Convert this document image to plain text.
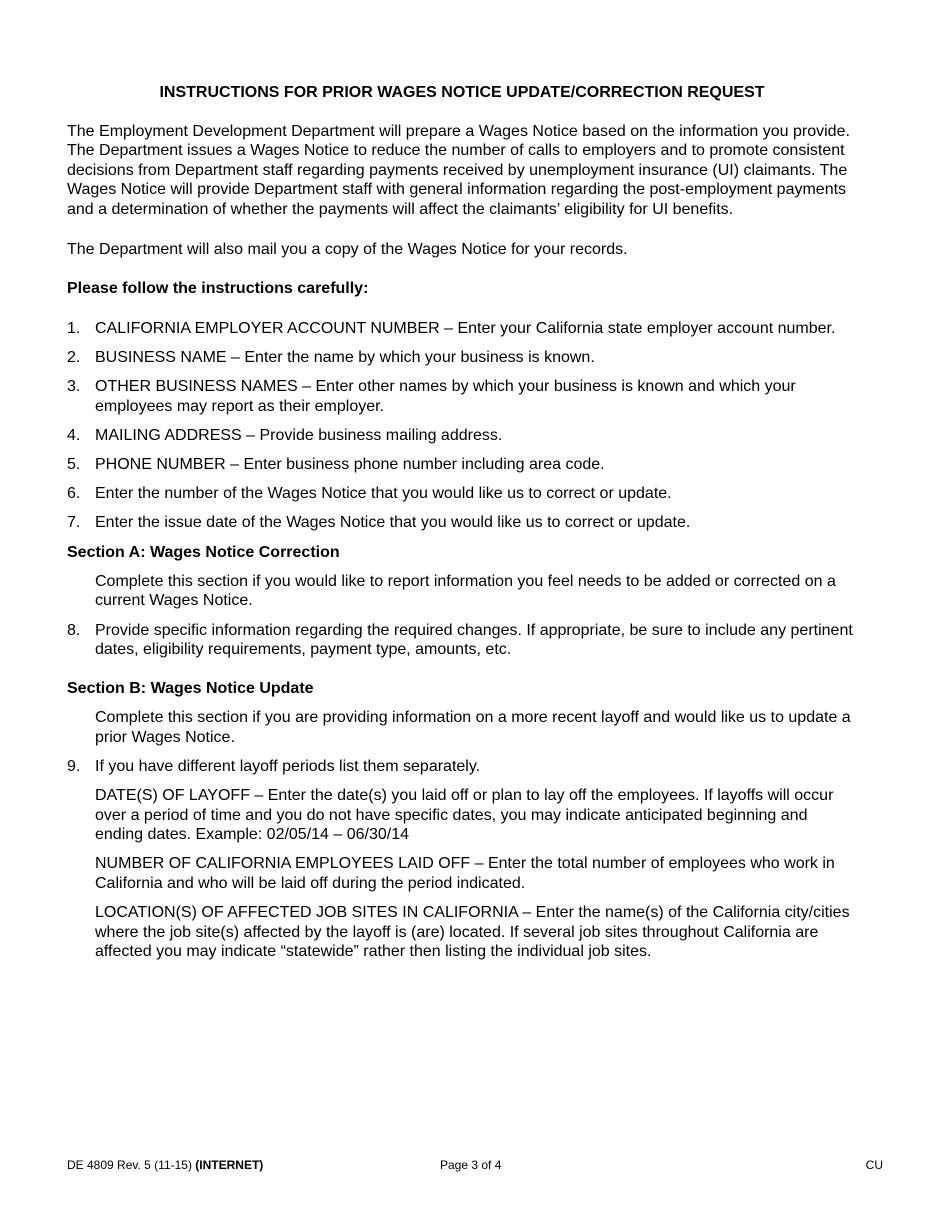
INSTRUCTIONS FOR PRIOR WAGES NOTICE UPDATE/CORRECTION REQUEST

The Employment Development Department will prepare a Wages Notice based on the information you provide. The Department issues a Wages Notice to reduce the number of calls to employers and to promote consistent decisions from Department staff regarding payments received by unemployment insurance (UI) claimants. The Wages Notice will provide Department staff with general information regarding the post-employment payments and a determination of whether the payments will affect the claimants’ eligibility for UI benefits.

The Department will also mail you a copy of the Wages Notice for your records.

Please follow the instructions carefully:
1. CALIFORNIA EMPLOYER ACCOUNT NUMBER – Enter your California state employer account number.
2. BUSINESS NAME – Enter the name by which your business is known.
3. OTHER BUSINESS NAMES – Enter other names by which your business is known and which your employees may report as their employer.
4. MAILING ADDRESS – Provide business mailing address.
5. PHONE NUMBER – Enter business phone number including area code.
6. Enter the number of the Wages Notice that you would like us to correct or update.
7. Enter the issue date of the Wages Notice that you would like us to correct or update.
Section A: Wages Notice Correction

Complete this section if you would like to report information you feel needs to be added or corrected on a current Wages Notice.

8. Provide specific information regarding the required changes. If appropriate, be sure to include any pertinent dates, eligibility requirements, payment type, amounts, etc.
Section B: Wages Notice Update

Complete this section if you are providing information on a more recent layoff and would like us to update a prior Wages Notice.

9. If you have different layoff periods list them separately.

DATE(S) OF LAYOFF – Enter the date(s) you laid off or plan to lay off the employees. If layoffs will occur over a period of time and you do not have specific dates, you may indicate anticipated beginning and ending dates. Example: 02/05/14 – 06/30/14

NUMBER OF CALIFORNIA EMPLOYEES LAID OFF – Enter the total number of employees who work in California and who will be laid off during the period indicated.

LOCATION(S) OF AFFECTED JOB SITES IN CALIFORNIA – Enter the name(s) of the California city/cities where the job site(s) affected by the layoff is (are) located. If several job sites throughout California are affected you may indicate “statewide” rather then listing the individual job sites.

DE 4809 Rev. 5 (11-15) (INTERNET)	Page 3 of 4	CU
